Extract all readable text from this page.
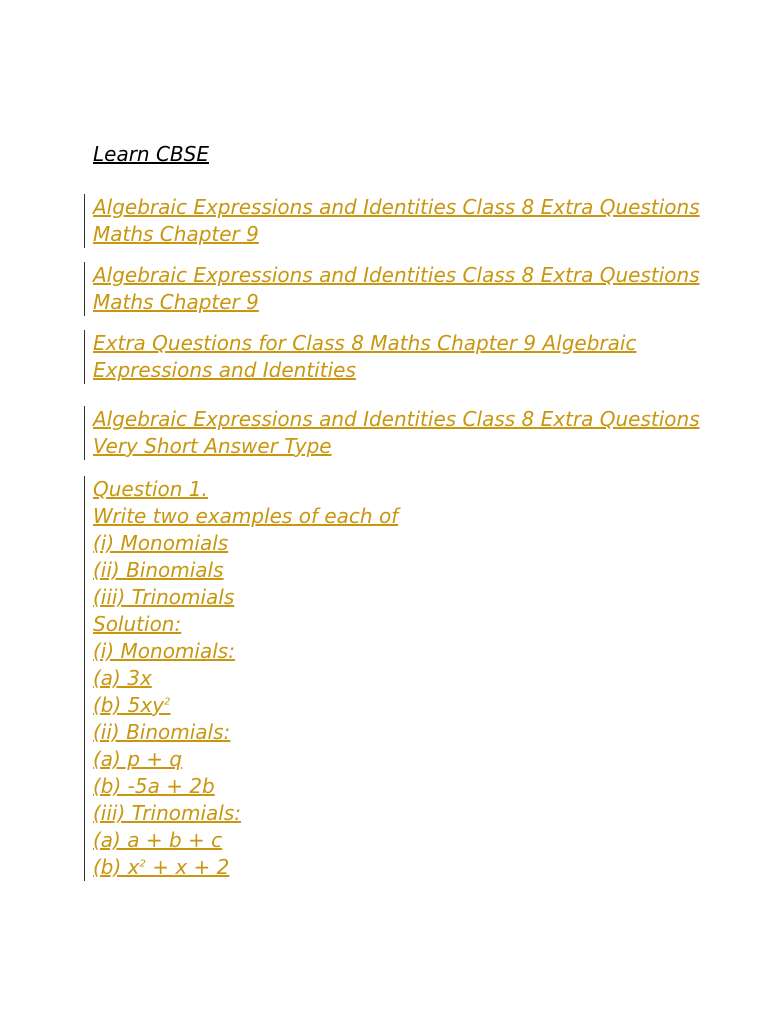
Learn CBSE
Algebraic Expressions and Identities Class 8 Extra Questions
Maths Chapter 9
Algebraic Expressions and Identities Class 8 Extra Questions
Maths Chapter 9
Extra Questions for Class 8 Maths Chapter 9 Algebraic
Expressions and Identities
Algebraic Expressions and Identities Class 8 Extra Questions
Very Short Answer Type
Question 1.
Write two examples of each of
(i) Monomials
(ii) Binomials
(iii) Trinomials
Solution:
(i) Monomials:
(a) 3x
(b) $5xy^2$
(ii) Binomials:
(a) p + q
(b) -5a + 2b
(iii) Trinomials:
(a) a + b + c
(b) $x^2 + x + 2$
